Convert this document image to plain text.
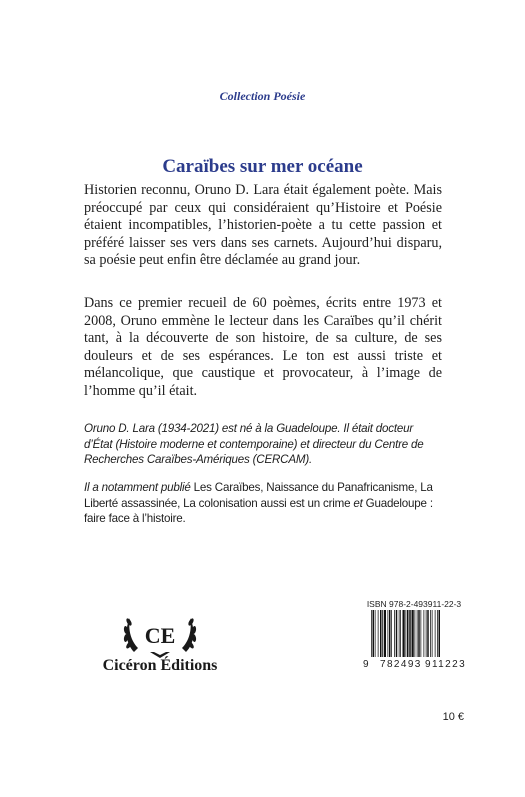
Collection Poésie
Caraïbes sur mer océane
Historien reconnu, Oruno D. Lara était également poète. Mais préoccupé par ceux qui considéraient qu’Histoire et Poésie étaient incompatibles, l’historien-poète a tu cette passion et préféré laisser ses vers dans ses carnets. Aujourd’hui disparu, sa poésie peut enfin être déclamée au grand jour.
Dans ce premier recueil de 60 poèmes, écrits entre 1973 et 2008, Oruno emmène le lecteur dans les Caraïbes qu’il chérit tant, à la découverte de son histoire, de sa culture, de ses douleurs et de ses espérances. Le ton est aussi triste et mélancolique, que caustique et provocateur, à l’image de l’homme qu’il était.
Oruno D. Lara (1934-2021) est né à la Guadeloupe. Il était docteur d’État (Histoire moderne et contemporaine) et directeur du Centre de Recherches Caraïbes-Amériques (CERCAM).
Il a notamment publié Les Caraïbes, Naissance du Panafricanisme, La Liberté assassinée, La colonisation aussi est un crime et Guadeloupe : faire face à l’histoire.
CE
Cicéron Éditions
ISBN 978-2-493911-22-3
9 782493 911223
10 €
